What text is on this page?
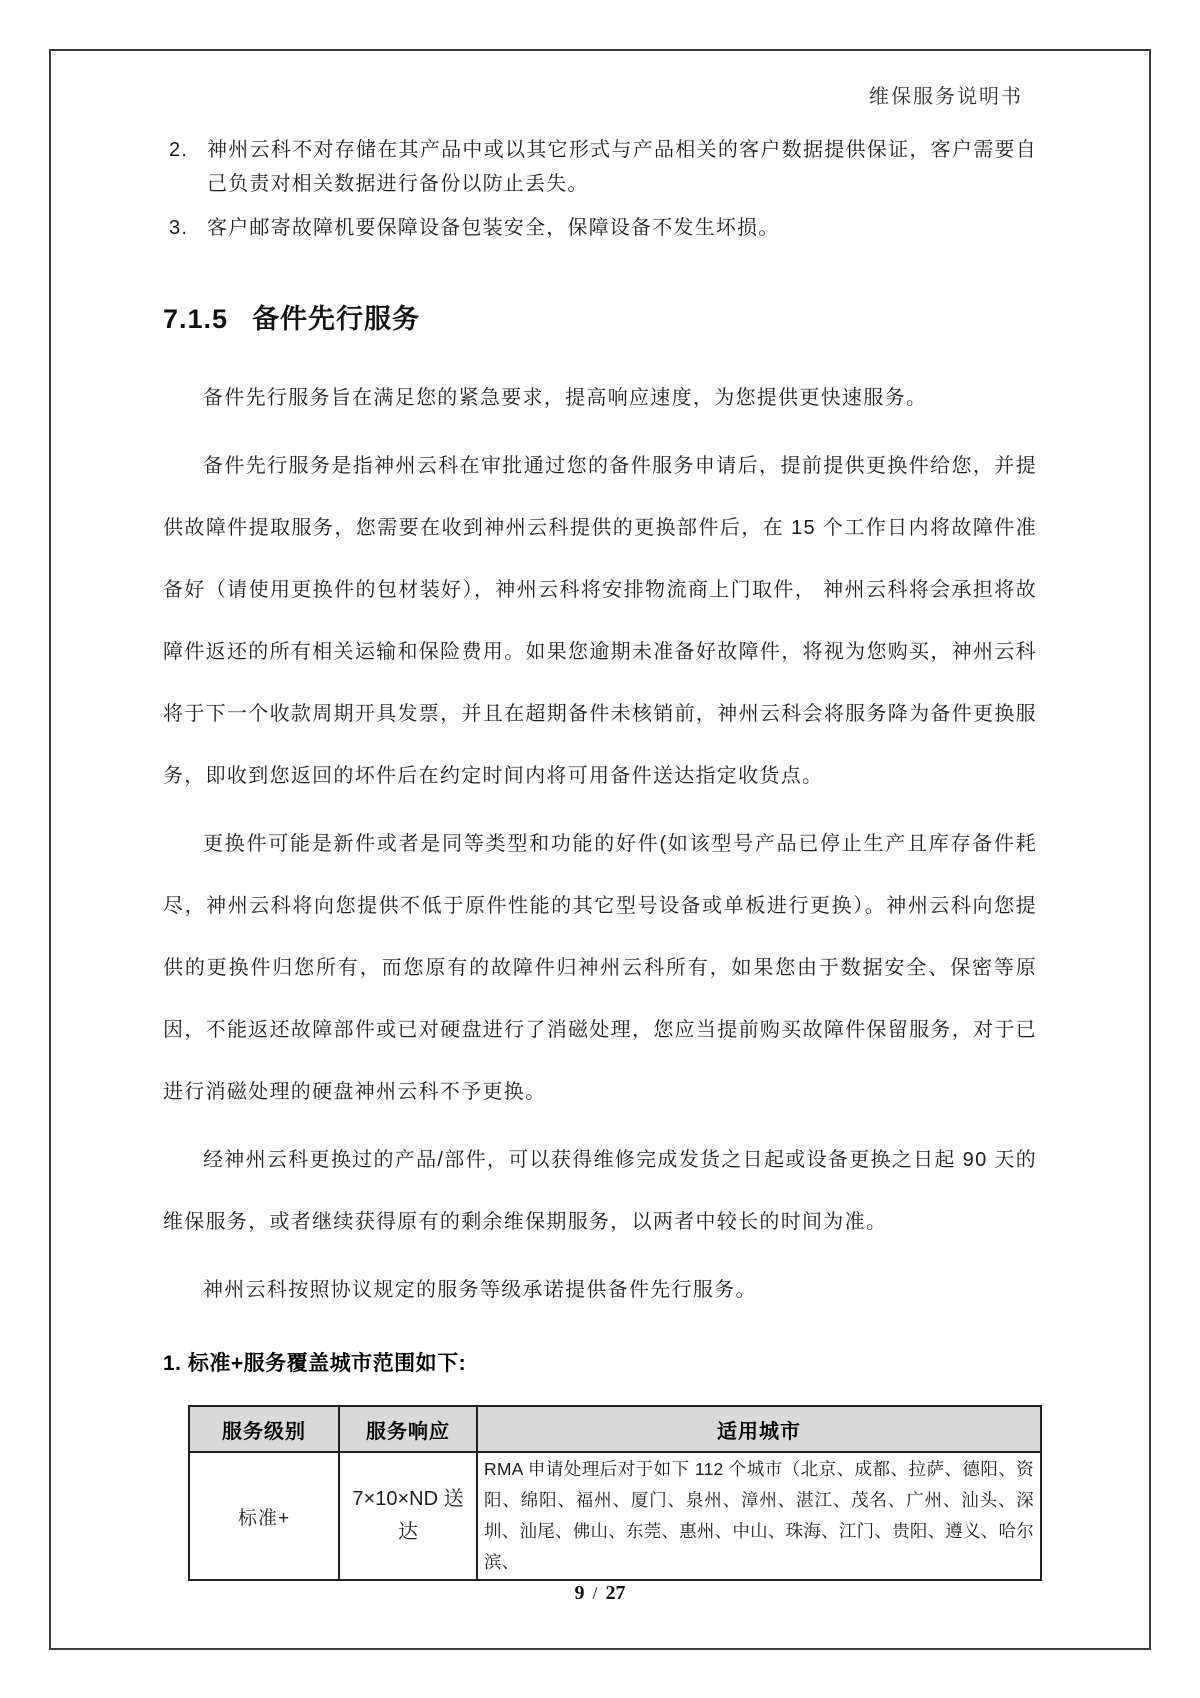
维保服务说明书
2. 神州云科不对存储在其产品中或以其它形式与产品相关的客户数据提供保证，客户需要自己负责对相关数据进行备份以防止丢失。
3. 客户邮寄故障机要保障设备包装安全，保障设备不发生坏损。
7.1.5 备件先行服务

备件先行服务旨在满足您的紧急要求，提高响应速度，为您提供更快速服务。

备件先行服务是指神州云科在审批通过您的备件服务申请后，提前提供更换件给您，并提供故障件提取服务，您需要在收到神州云科提供的更换部件后，在 15 个工作日内将故障件准备好（请使用更换件的包材装好），神州云科将安排物流商上门取件， 神州云科将会承担将故障件返还的所有相关运输和保险费用。如果您逾期未准备好故障件，将视为您购买，神州云科将于下一个收款周期开具发票，并且在超期备件未核销前，神州云科会将服务降为备件更换服务，即收到您返回的坏件后在约定时间内将可用备件送达指定收货点。

更换件可能是新件或者是同等类型和功能的好件(如该型号产品已停止生产且库存备件耗尽，神州云科将向您提供不低于原件性能的其它型号设备或单板进行更换）。神州云科向您提供的更换件归您所有，而您原有的故障件归神州云科所有，如果您由于数据安全、保密等原因，不能返还故障部件或已对硬盘进行了消磁处理，您应当提前购买故障件保留服务，对于已进行消磁处理的硬盘神州云科不予更换。

经神州云科更换过的产品/部件，可以获得维修完成发货之日起或设备更换之日起 90 天的维保服务，或者继续获得原有的剩余维保期服务，以两者中较长的时间为准。

神州云科按照协议规定的服务等级承诺提供备件先行服务。

1. 标准+服务覆盖城市范围如下:
服务级别	服务响应	适用城市
标准+	7×10×ND 送达	RMA 申请处理后对于如下 112 个城市（北京、成都、拉萨、德阳、资阳、绵阳、福州、厦门、泉州、漳州、湛江、茂名、广州、汕头、深圳、汕尾、佛山、东莞、惠州、中山、珠海、江门、贵阳、遵义、哈尔滨、
9 / 27
